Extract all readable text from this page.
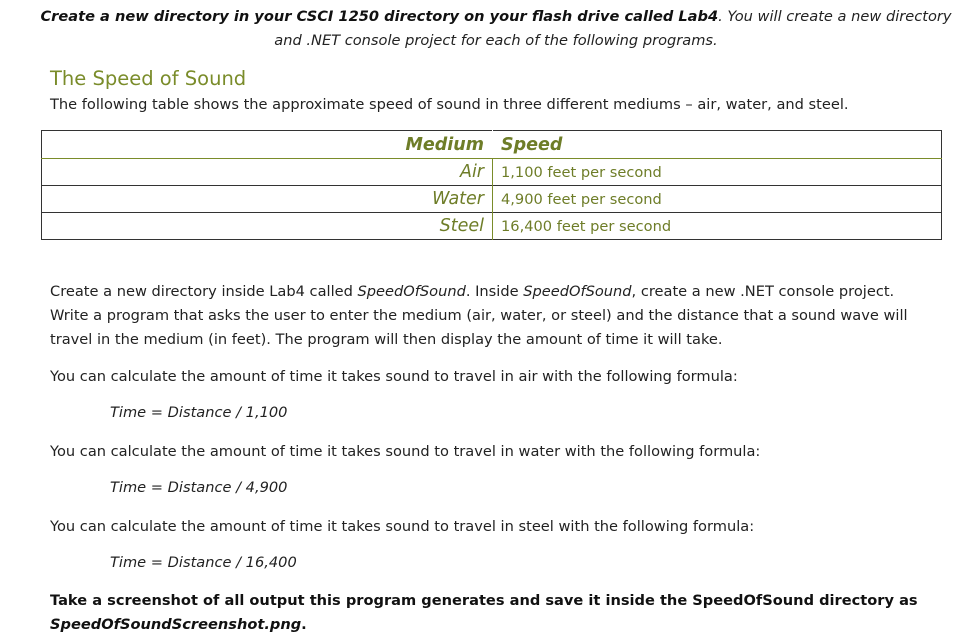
Create a new directory in your CSCI 1250 directory on your flash drive called Lab4. You will create a new directory and .NET console project for each of the following programs.
The Speed of Sound
The following table shows the approximate speed of sound in three different mediums – air, water, and steel.
Medium	Speed
Air	1,100 feet per second
Water	4,900 feet per second
Steel	16,400 feet per second
Create a new directory inside Lab4 called SpeedOfSound. Inside SpeedOfSound, create a new .NET console project. Write a program that asks the user to enter the medium (air, water, or steel) and the distance that a sound wave will travel in the medium (in feet). The program will then display the amount of time it will take.
You can calculate the amount of time it takes sound to travel in air with the following formula:
Time = Distance / 1,100
You can calculate the amount of time it takes sound to travel in water with the following formula:
Time = Distance / 4,900
You can calculate the amount of time it takes sound to travel in steel with the following formula:
Time = Distance / 16,400
Take a screenshot of all output this program generates and save it inside the SpeedOfSound directory as SpeedOfSoundScreenshot.png.
